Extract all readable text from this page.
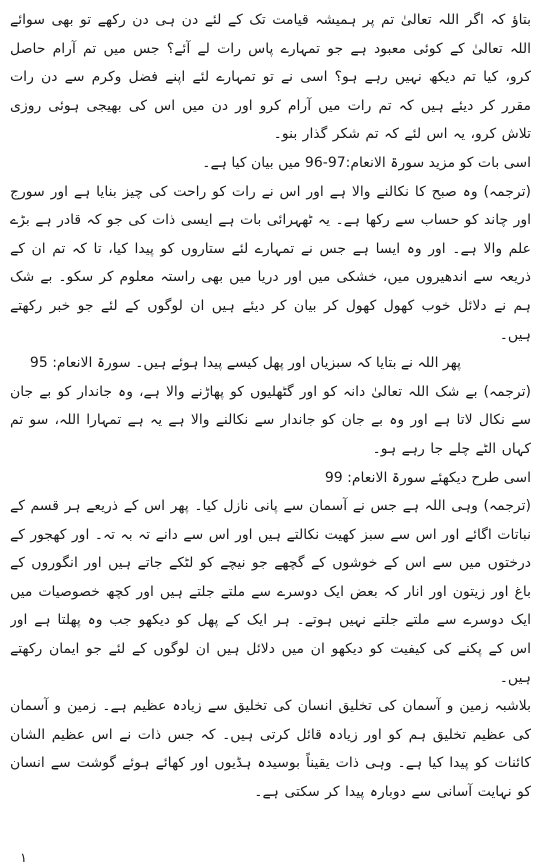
بتاؤ کہ اگر اللہ تعالیٰ تم پر ہمیشہ قیامت تک کے لئے دن ہی دن رکھے تو بھی سوائے اللہ تعالیٰ کے کوئی معبود ہے جو تمہارے پاس رات لے آئے؟ جس میں تم آرام حاصل کرو، کیا تم دیکھ نہیں رہے ہو؟ اسی نے تو تمہارے لئے اپنے فضل وکرم سے دن رات مقرر کر دیئے ہیں کہ تم رات میں آرام کرو اور دن میں اس کی بھیجی ہوئی روزی تلاش کرو، یہ اس لئے کہ تم شکر گذار بنو۔

اسی بات کو مزید سورۃ الانعام:97-96 میں بیان کیا ہے۔

(ترجمہ) وہ صبح کا نکالنے والا ہے اور اس نے رات کو راحت کی چیز بنایا ہے اور سورج اور چاند کو حساب سے رکھا ہے۔ یہ ٹھہرائی بات ہے ایسی ذات کی جو کہ قادر ہے بڑے علم والا ہے۔ اور وہ ایسا ہے جس نے تمہارے لئے ستاروں کو پیدا کیا، تا کہ تم ان کے ذریعہ سے اندھیروں میں، خشکی میں اور دریا میں بھی راستہ معلوم کر سکو۔ بے شک ہم نے دلائل خوب کھول کھول کر بیان کر دیئے ہیں ان لوگوں کے لئے جو خبر رکھتے ہیں۔

پھر اللہ نے بتایا کہ سبزیاں اور پھل کیسے پیدا ہوئے ہیں۔ سورۃ الانعام: 95

(ترجمہ) بے شک اللہ تعالیٰ دانہ کو اور گٹھلیوں کو پھاڑنے والا ہے، وہ جاندار کو بے جان سے نکال لاتا ہے اور وہ بے جان کو جاندار سے نکالنے والا ہے یہ ہے تمہارا اللہ، سو تم کہاں الٹے چلے جا رہے ہو۔

اسی طرح دیکھئے سورۃ الانعام: 99

(ترجمہ) وہی اللہ ہے جس نے آسمان سے پانی نازل کیا۔ پھر اس کے ذریعے ہر قسم کے نباتات اگائے اور اس سے سبز کھیت نکالتے ہیں اور اس سے دانے تہ بہ تہ۔ اور کھجور کے درختوں میں سے اس کے خوشوں کے گچھے جو نیچے کو لٹکے جاتے ہیں اور انگوروں کے باغ اور زیتون اور انار کہ بعض ایک دوسرے سے ملتے جلتے ہیں اور کچھ خصوصیات میں ایک دوسرے سے ملتے جلتے نہیں ہوتے۔ ہر ایک کے پھل کو دیکھو جب وہ پھلتا ہے اور اس کے پکنے کی کیفیت کو دیکھو ان میں دلائل ہیں ان لوگوں کے لئے جو ایمان رکھتے ہیں۔

بلاشبہ زمین و آسمان کی تخلیق انسان کی تخلیق سے زیادہ عظیم ہے۔ زمین و آسمان کی عظیم تخلیق ہم کو اور زیادہ قائل کرتی ہیں۔ کہ جس ذات نے اس عظیم الشان کائنات کو پیدا کیا ہے۔ وہی ذات یقیناً بوسیدہ ہڈیوں اور کھائے ہوئے گوشت سے انسان کو نہایت آسانی سے دوبارہ پیدا کر سکتی ہے۔

١
